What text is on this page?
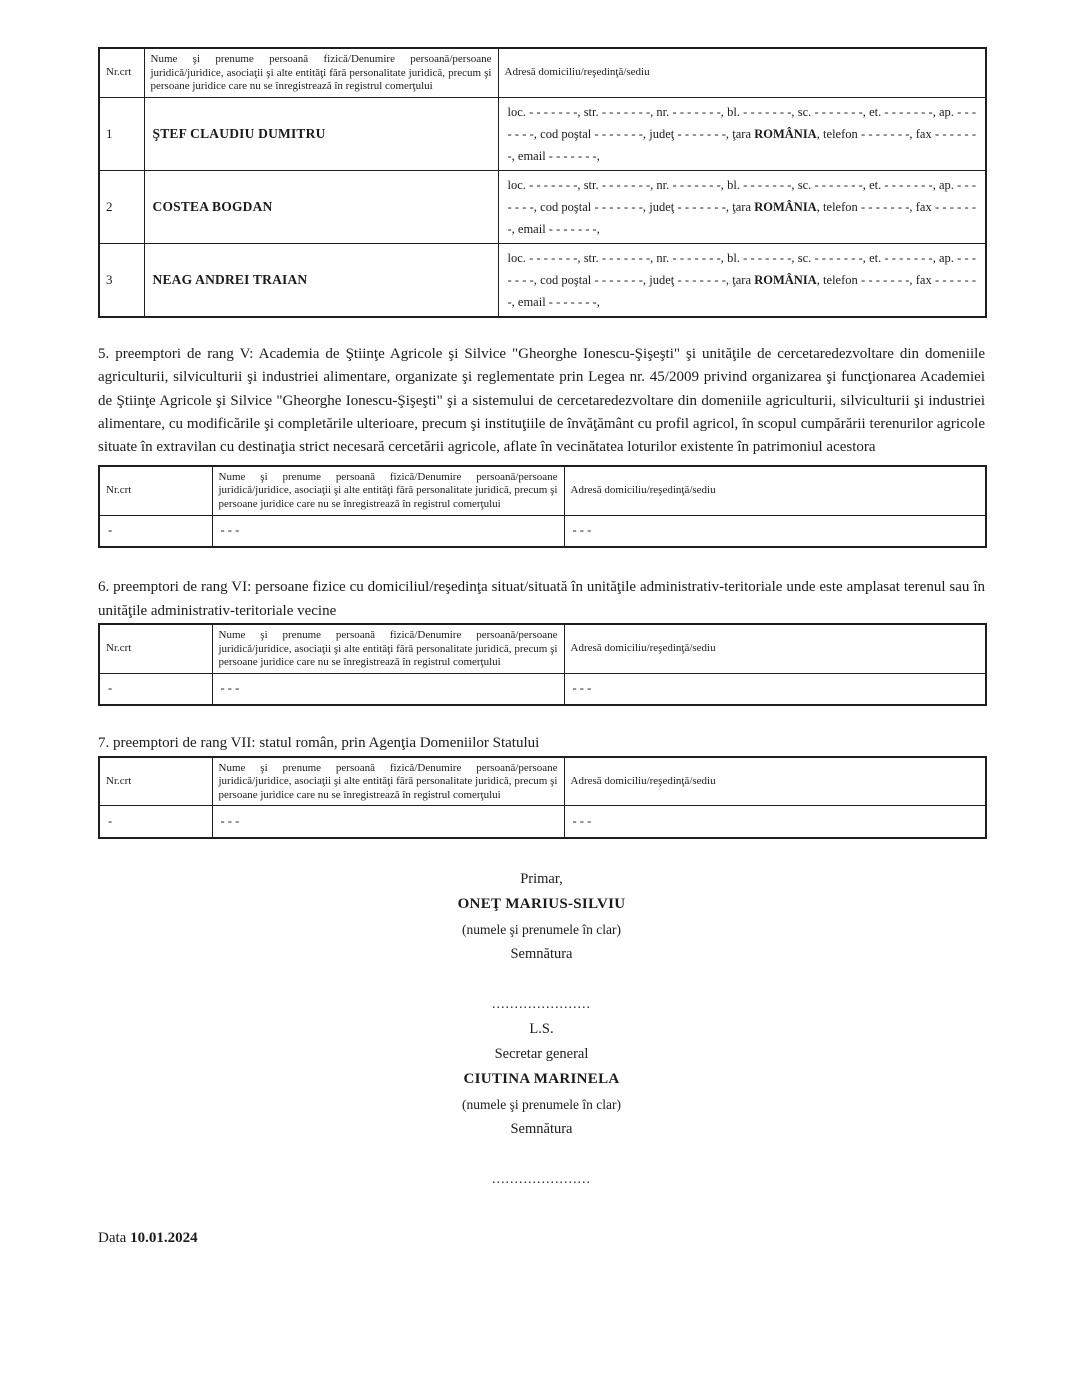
Nr.crt	Nume şi prenume persoană fizică/Denumire persoană/persoane juridică/juridice, asociaţii şi alte entităţi fără personalitate juridică, precum şi persoane juridice care nu se înregistrează în registrul comerţului	Adresă domiciliu/reşedinţă/sediu
1	ŞTEF CLAUDIU DUMITRU	loc. - - - - - - -, str. - - - - - - -, nr. - - - - - - -, bl. - - - - - - -, sc. - - - - - - -, et. - - - - - - -, ap. - - - - - - -, cod poştal - - - - - - -, judeţ - - - - - - -, ţara ROMÂNIA, telefon - - - - - - -, fax - - - - - - -, email - - - - - - -,
2	COSTEA BOGDAN	loc. - - - - - - -, str. - - - - - - -, nr. - - - - - - -, bl. - - - - - - -, sc. - - - - - - -, et. - - - - - - -, ap. - - - - - - -, cod poştal - - - - - - -, judeţ - - - - - - -, ţara ROMÂNIA, telefon - - - - - - -, fax - - - - - - -, email - - - - - - -,
3	NEAG ANDREI TRAIAN	loc. - - - - - - -, str. - - - - - - -, nr. - - - - - - -, bl. - - - - - - -, sc. - - - - - - -, et. - - - - - - -, ap. - - - - - - -, cod poştal - - - - - - -, judeţ - - - - - - -, ţara ROMÂNIA, telefon - - - - - - -, fax - - - - - - -, email - - - - - - -,

5. preemptori de rang V: Academia de Ştiinţe Agricole şi Silvice "Gheorghe Ionescu-Şişeşti" şi unităţile de cercetaredezvoltare din domeniile agriculturii, silviculturii şi industriei alimentare, organizate şi reglementate prin Legea nr. 45/2009 privind organizarea şi funcţionarea Academiei de Ştiinţe Agricole şi Silvice "Gheorghe Ionescu-Şişeşti" şi a sistemului de cercetaredezvoltare din domeniile agriculturii, silviculturii şi industriei alimentare, cu modificările şi completările ulterioare, precum şi instituţiile de învăţământ cu profil agricol, în scopul cumpărării terenurilor agricole situate în extravilan cu destinaţia strict necesară cercetării agricole, aflate în vecinătatea loturilor existente în patrimoniul acestora

Nr.crt	Nume şi prenume persoană fizică/Denumire persoană/persoane juridică/juridice, asociaţii şi alte entităţi fără personalitate juridică, precum şi persoane juridice care nu se înregistrează în registrul comerţului	Adresă domiciliu/reşedinţă/sediu
-	- - -	- - -

6. preemptori de rang VI: persoane fizice cu domiciliul/reşedinţa situat/situată în unităţile administrativ-teritoriale unde este amplasat terenul sau în unităţile administrativ-teritoriale vecine

Nr.crt	Nume şi prenume persoană fizică/Denumire persoană/persoane juridică/juridice, asociaţii şi alte entităţi fără personalitate juridică, precum şi persoane juridice care nu se înregistrează în registrul comerţului	Adresă domiciliu/reşedinţă/sediu
-	- - -	- - -

7. preemptori de rang VII: statul român, prin Agenţia Domeniilor Statului

Nr.crt	Nume şi prenume persoană fizică/Denumire persoană/persoane juridică/juridice, asociaţii şi alte entităţi fără personalitate juridică, precum şi persoane juridice care nu se înregistrează în registrul comerţului	Adresă domiciliu/reşedinţă/sediu
-	- - -	- - -
Primar,
ONEŢ MARIUS-SILVIU
(numele şi prenumele în clar)
Semnătura
......................
L.S.
Secretar general
CIUTINA MARINELA
(numele şi prenumele în clar)
Semnătura
......................
Data 10.01.2024
